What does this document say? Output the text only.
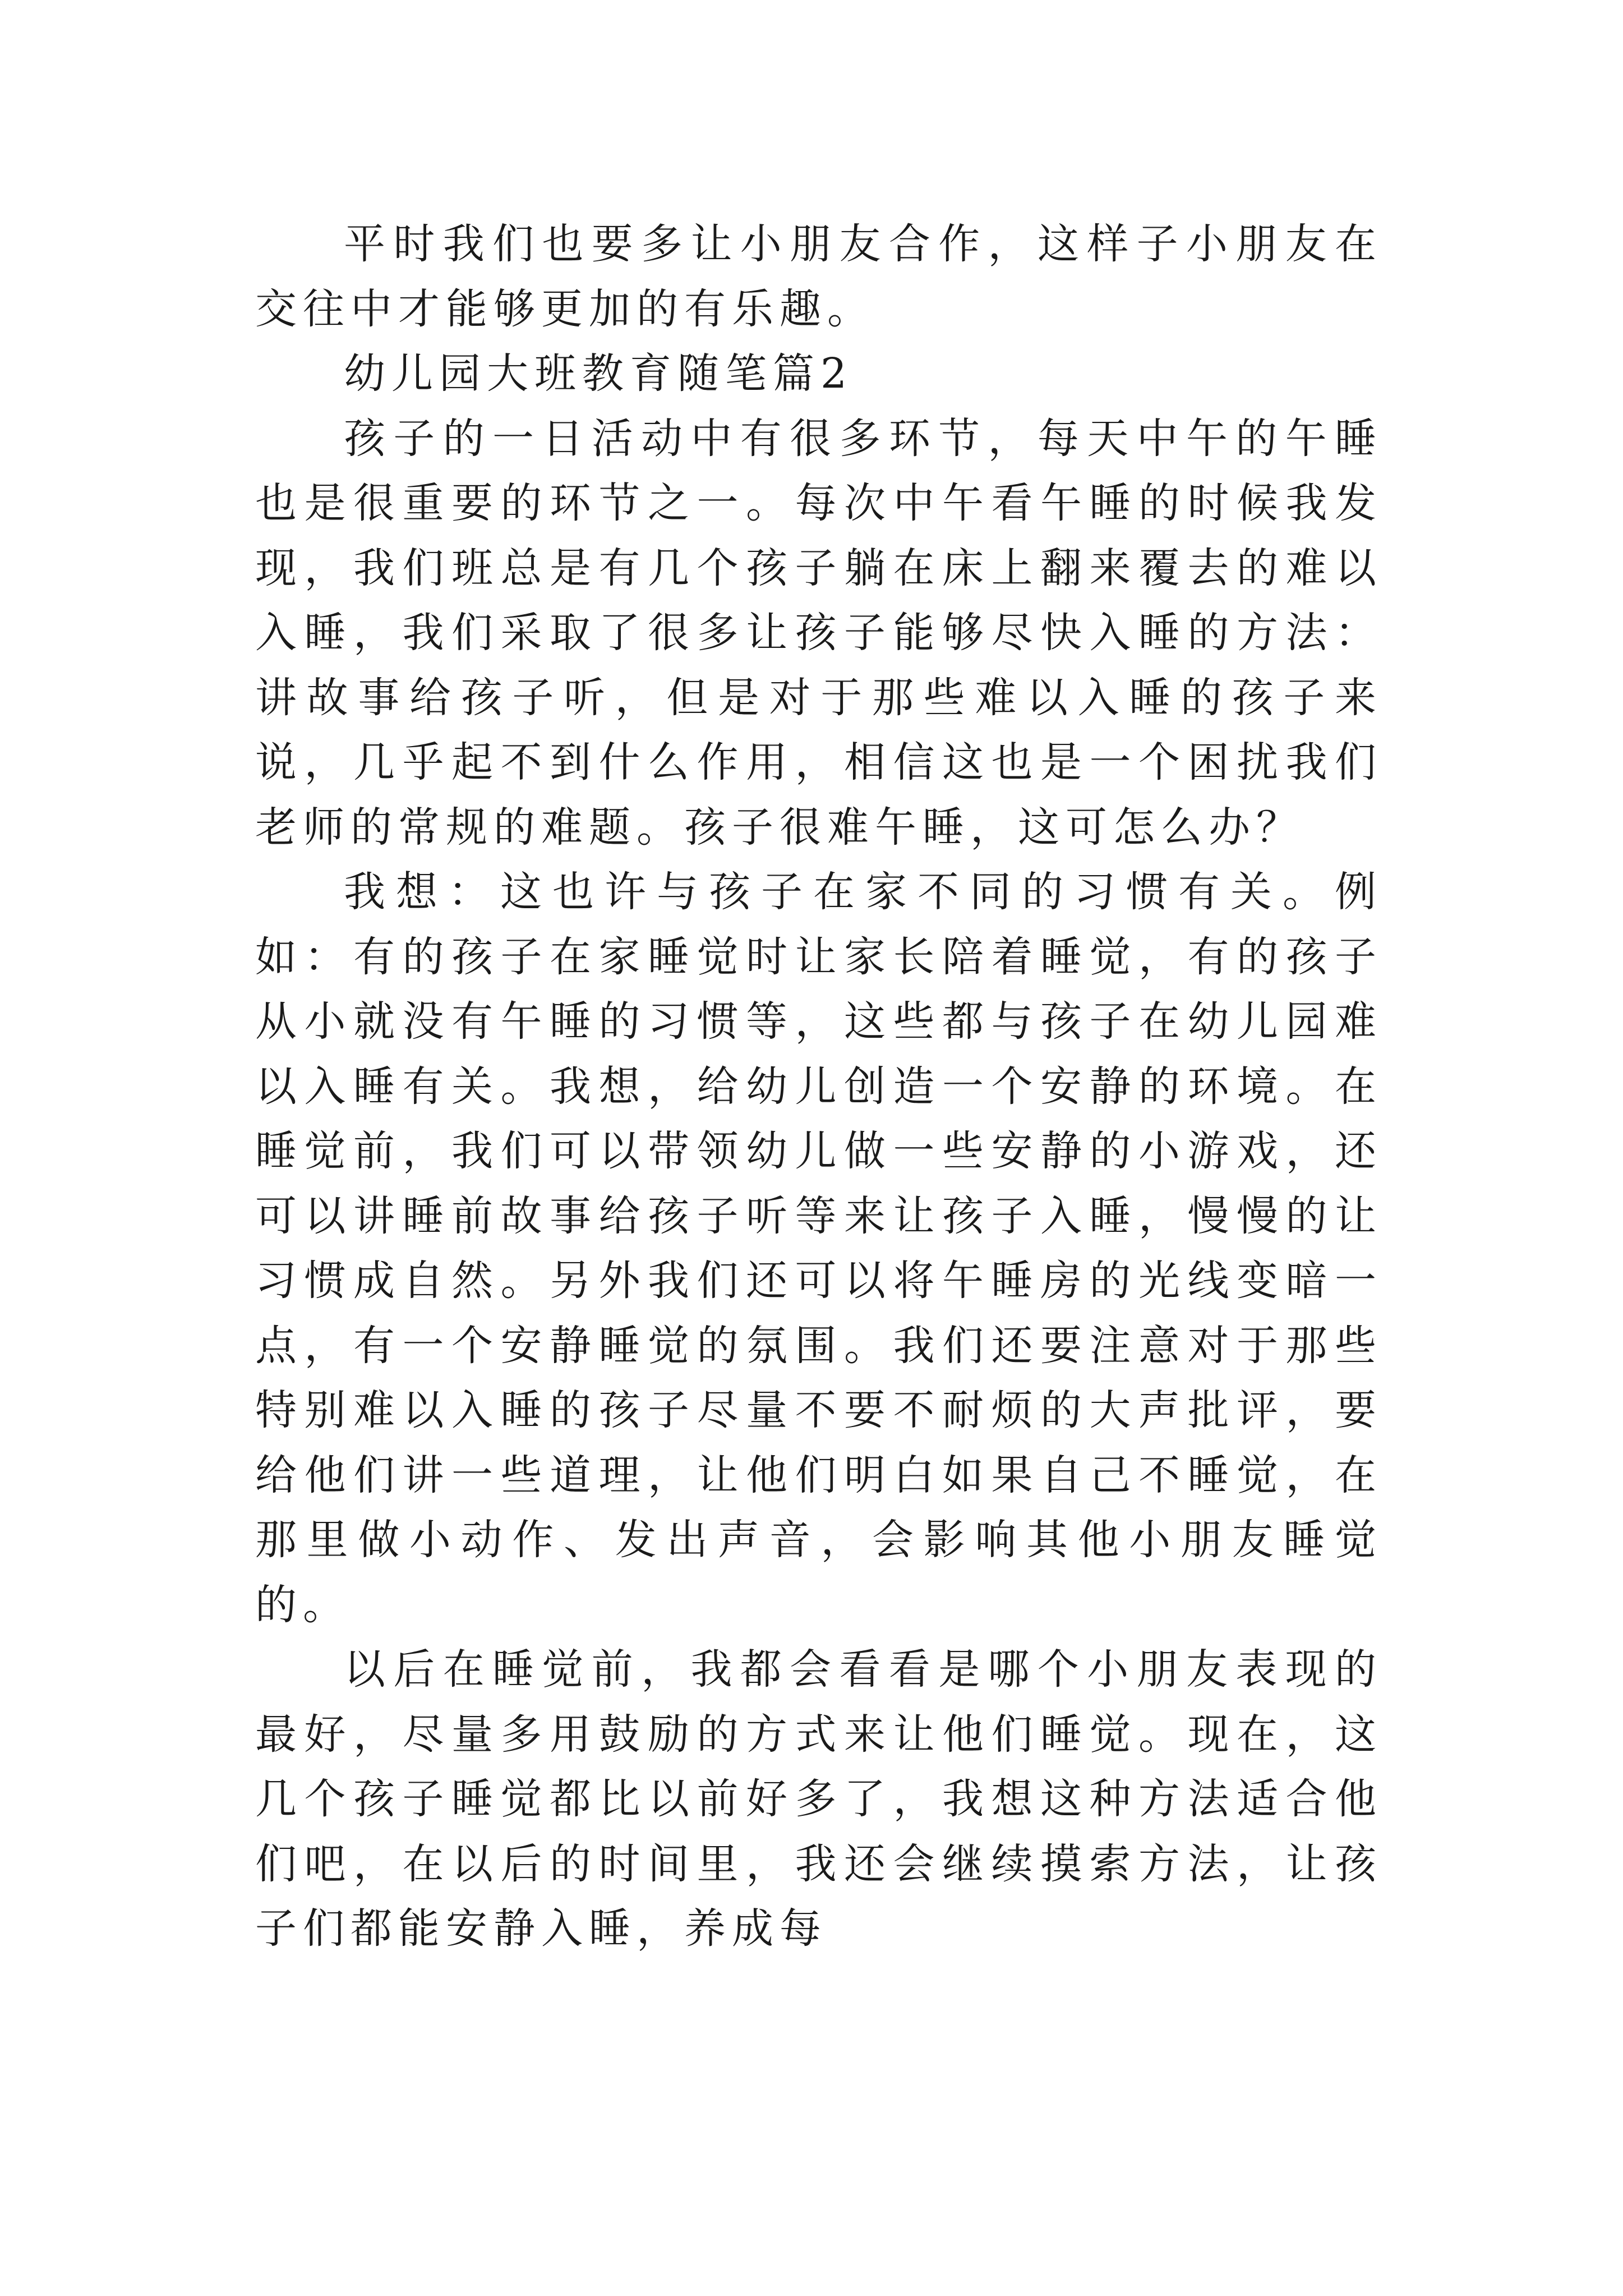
平时我们也要多让小朋友合作，这样子小朋友在交往中才能够更加的有乐趣。

幼儿园大班教育随笔篇2

孩子的一日活动中有很多环节，每天中午的午睡也是很重要的环节之一。每次中午看午睡的时候我发现，我们班总是有几个孩子躺在床上翻来覆去的难以入睡，我们采取了很多让孩子能够尽快入睡的方法：讲故事给孩子听，但是对于那些难以入睡的孩子来说，几乎起不到什么作用，相信这也是一个困扰我们老师的常规的难题。孩子很难午睡，这可怎么办？

我想：这也许与孩子在家不同的习惯有关。例如：有的孩子在家睡觉时让家长陪着睡觉，有的孩子从小就没有午睡的习惯等，这些都与孩子在幼儿园难以入睡有关。我想，给幼儿创造一个安静的环境。在睡觉前，我们可以带领幼儿做一些安静的小游戏，还可以讲睡前故事给孩子听等来让孩子入睡，慢慢的让习惯成自然。另外我们还可以将午睡房的光线变暗一点，有一个安静睡觉的氛围。我们还要注意对于那些特别难以入睡的孩子尽量不要不耐烦的大声批评，要给他们讲一些道理，让他们明白如果自己不睡觉，在那里做小动作、发出声音，会影响其他小朋友睡觉的。

以后在睡觉前，我都会看看是哪个小朋友表现的最好，尽量多用鼓励的方式来让他们睡觉。现在，这几个孩子睡觉都比以前好多了，我想这种方法适合他们吧，在以后的时间里，我还会继续摸索方法，让孩子们都能安静入睡，养成每
